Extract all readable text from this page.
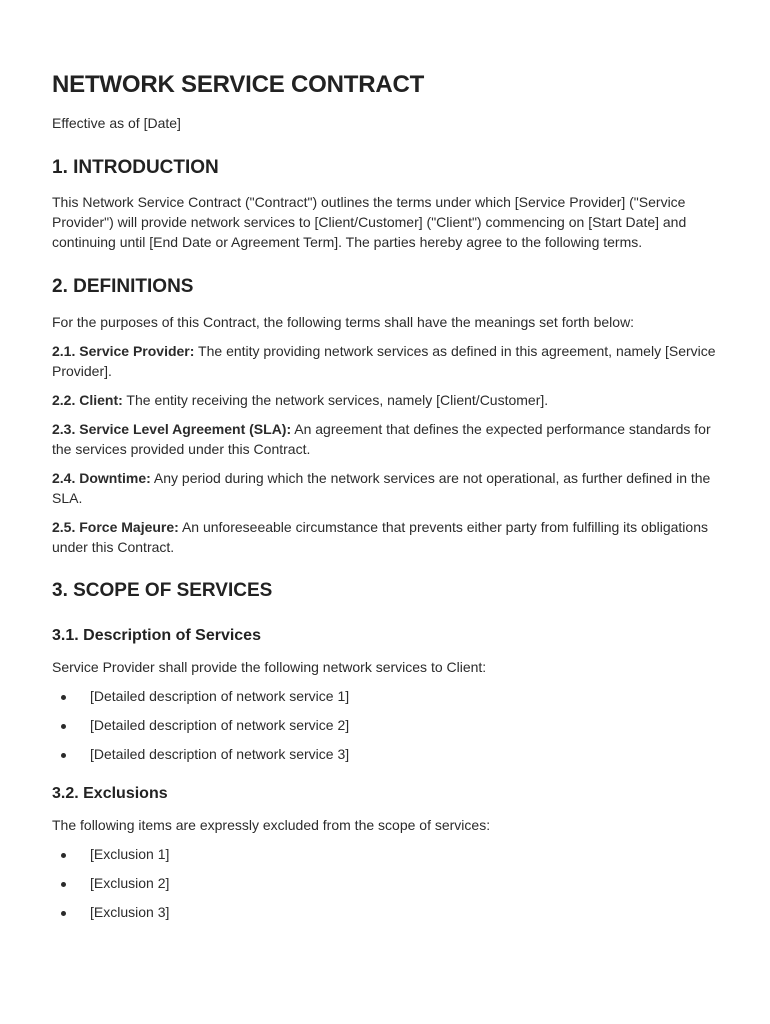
NETWORK SERVICE CONTRACT

Effective as of [Date]

1. INTRODUCTION

This Network Service Contract ("Contract") outlines the terms under which [Service Provider] ("Service Provider") will provide network services to [Client/Customer] ("Client") commencing on [Start Date] and continuing until [End Date or Agreement Term]. The parties hereby agree to the following terms.

2. DEFINITIONS

For the purposes of this Contract, the following terms shall have the meanings set forth below:

2.1. Service Provider: The entity providing network services as defined in this agreement, namely [Service Provider].

2.2. Client: The entity receiving the network services, namely [Client/Customer].

2.3. Service Level Agreement (SLA): An agreement that defines the expected performance standards for the services provided under this Contract.

2.4. Downtime: Any period during which the network services are not operational, as further defined in the SLA.

2.5. Force Majeure: An unforeseeable circumstance that prevents either party from fulfilling its obligations under this Contract.

3. SCOPE OF SERVICES
3.1. Description of Services

Service Provider shall provide the following network services to Client:

[Detailed description of network service 1]
[Detailed description of network service 2]
[Detailed description of network service 3]
3.2. Exclusions

The following items are expressly excluded from the scope of services:

[Exclusion 1]
[Exclusion 2]
[Exclusion 3]
